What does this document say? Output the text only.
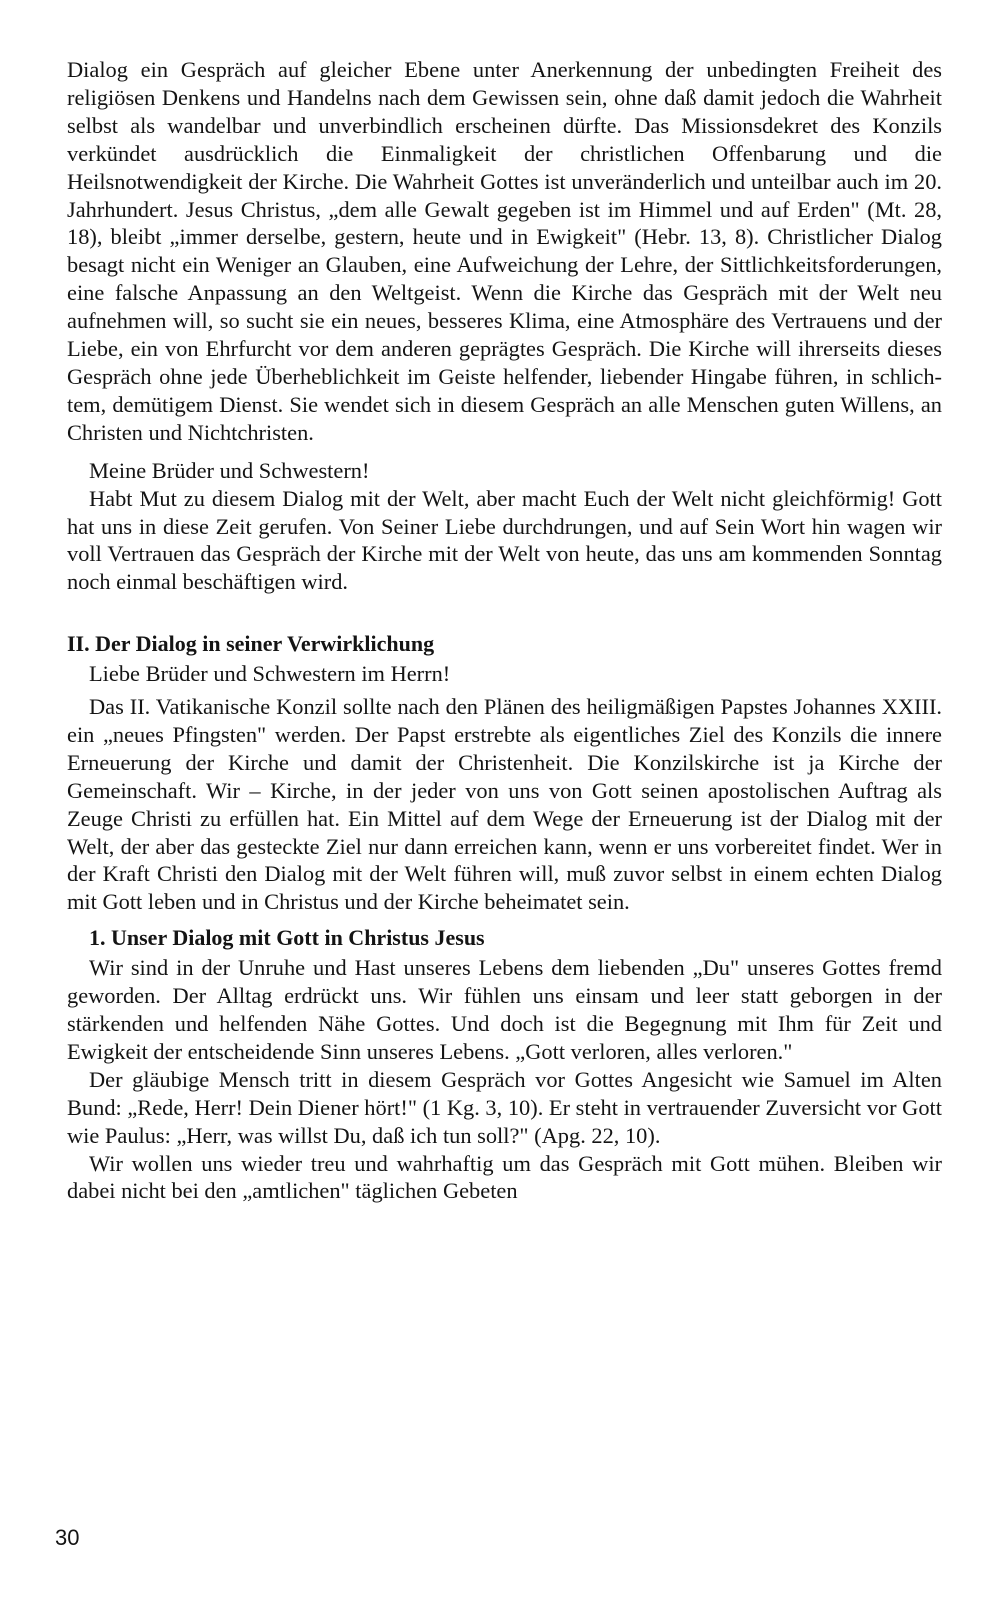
Dialog ein Gespräch auf gleicher Ebene unter Anerkennung der unbedingten Freiheit des religiösen Denkens und Handelns nach dem Gewissen sein, ohne daß damit jedoch die Wahrheit selbst als wandelbar und unverbindlich erscheinen dürfte. Das Missionsdekret des Konzils verkündet ausdrücklich die Einmaligkeit der christlichen Offenbarung und die Heilsnotwendigkeit der Kirche. Die Wahrheit Gottes ist unveränderlich und unteilbar auch im 20. Jahrhundert. Jesus Christus, „dem alle Gewalt gegeben ist im Himmel und auf Erden" (Mt. 28, 18), bleibt „immer derselbe, gestern, heute und in Ewigkeit" (Hebr. 13, 8). Christlicher Dialog besagt nicht ein Weniger an Glauben, eine Aufweichung der Lehre, der Sittlichkeitsforderungen, eine falsche Anpassung an den Weltgeist. Wenn die Kirche das Gespräch mit der Welt neu aufnehmen will, so sucht sie ein neues, besseres Klima, eine Atmosphäre des Vertrauens und der Liebe, ein von Ehrfurcht vor dem anderen geprägtes Gespräch. Die Kirche will ihrerseits dieses Gespräch ohne jede Überheblichkeit im Geiste helfender, liebender Hingabe führen, in schlichtem, demütigem Dienst. Sie wendet sich in diesem Gespräch an alle Menschen guten Willens, an Christen und Nichtchristen.

Meine Brüder und Schwestern!

Habt Mut zu diesem Dialog mit der Welt, aber macht Euch der Welt nicht gleichförmig! Gott hat uns in diese Zeit gerufen. Von Seiner Liebe durchdrungen, und auf Sein Wort hin wagen wir voll Vertrauen das Gespräch der Kirche mit der Welt von heute, das uns am kommenden Sonntag noch einmal beschäftigen wird.

II. Der Dialog in seiner Verwirklichung

Liebe Brüder und Schwestern im Herrn!

Das II. Vatikanische Konzil sollte nach den Plänen des heiligmäßigen Papstes Johannes XXIII. ein „neues Pfingsten" werden. Der Papst erstrebte als eigentliches Ziel des Konzils die innere Erneuerung der Kirche und damit der Christenheit. Die Konzilskirche ist ja Kirche der Gemeinschaft. Wir – Kirche, in der jeder von uns von Gott seinen apostolischen Auftrag als Zeuge Christi zu erfüllen hat. Ein Mittel auf dem Wege der Erneuerung ist der Dialog mit der Welt, der aber das gesteckte Ziel nur dann erreichen kann, wenn er uns vorbereitet findet. Wer in der Kraft Christi den Dialog mit der Welt führen will, muß zuvor selbst in einem echten Dialog mit Gott leben und in Christus und der Kirche beheimatet sein.

1. Unser Dialog mit Gott in Christus Jesus

Wir sind in der Unruhe und Hast unseres Lebens dem liebenden „Du" unseres Gottes fremd geworden. Der Alltag erdrückt uns. Wir fühlen uns einsam und leer statt geborgen in der stärkenden und helfenden Nähe Gottes. Und doch ist die Begegnung mit Ihm für Zeit und Ewigkeit der entscheidende Sinn unseres Lebens. „Gott verloren, alles verloren."

Der gläubige Mensch tritt in diesem Gespräch vor Gottes Angesicht wie Samuel im Alten Bund: „Rede, Herr! Dein Diener hört!" (1 Kg. 3, 10). Er steht in vertrauender Zuversicht vor Gott wie Paulus: „Herr, was willst Du, daß ich tun soll?" (Apg. 22, 10).

Wir wollen uns wieder treu und wahrhaftig um das Gespräch mit Gott mühen. Bleiben wir dabei nicht bei den „amtlichen" täglichen Gebeten

30
